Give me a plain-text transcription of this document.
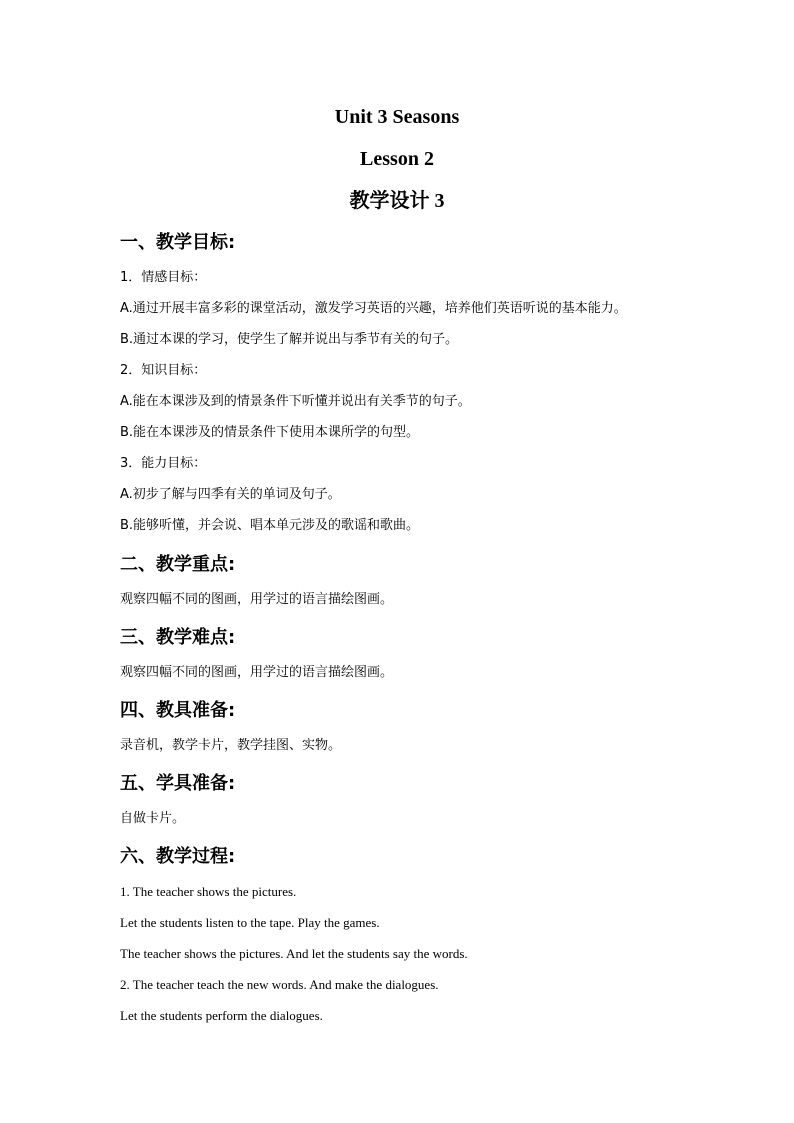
Unit 3 Seasons
Lesson 2
教学设计 3
一、教学目标:
1．情感目标：
A.通过开展丰富多彩的课堂活动，激发学习英语的兴趣，培养他们英语听说的基本能力。
B.通过本课的学习，使学生了解并说出与季节有关的句子。
2．知识目标：
A.能在本课涉及到的情景条件下听懂并说出有关季节的句子。
B.能在本课涉及的情景条件下使用本课所学的句型。
3．能力目标：
A.初步了解与四季有关的单词及句子。
B.能够听懂，并会说、唱本单元涉及的歌谣和歌曲。
二、教学重点:
观察四幅不同的图画，用学过的语言描绘图画。
三、教学难点:
观察四幅不同的图画，用学过的语言描绘图画。
四、教具准备:
录音机，教学卡片，教学挂图、实物。
五、学具准备:
自做卡片。
六、教学过程:
1. The teacher shows the pictures.
Let the students listen to the tape. Play the games.
The teacher shows the pictures. And let the students say the words.
2. The teacher teach the new words. And make the dialogues.
Let the students perform the dialogues.
